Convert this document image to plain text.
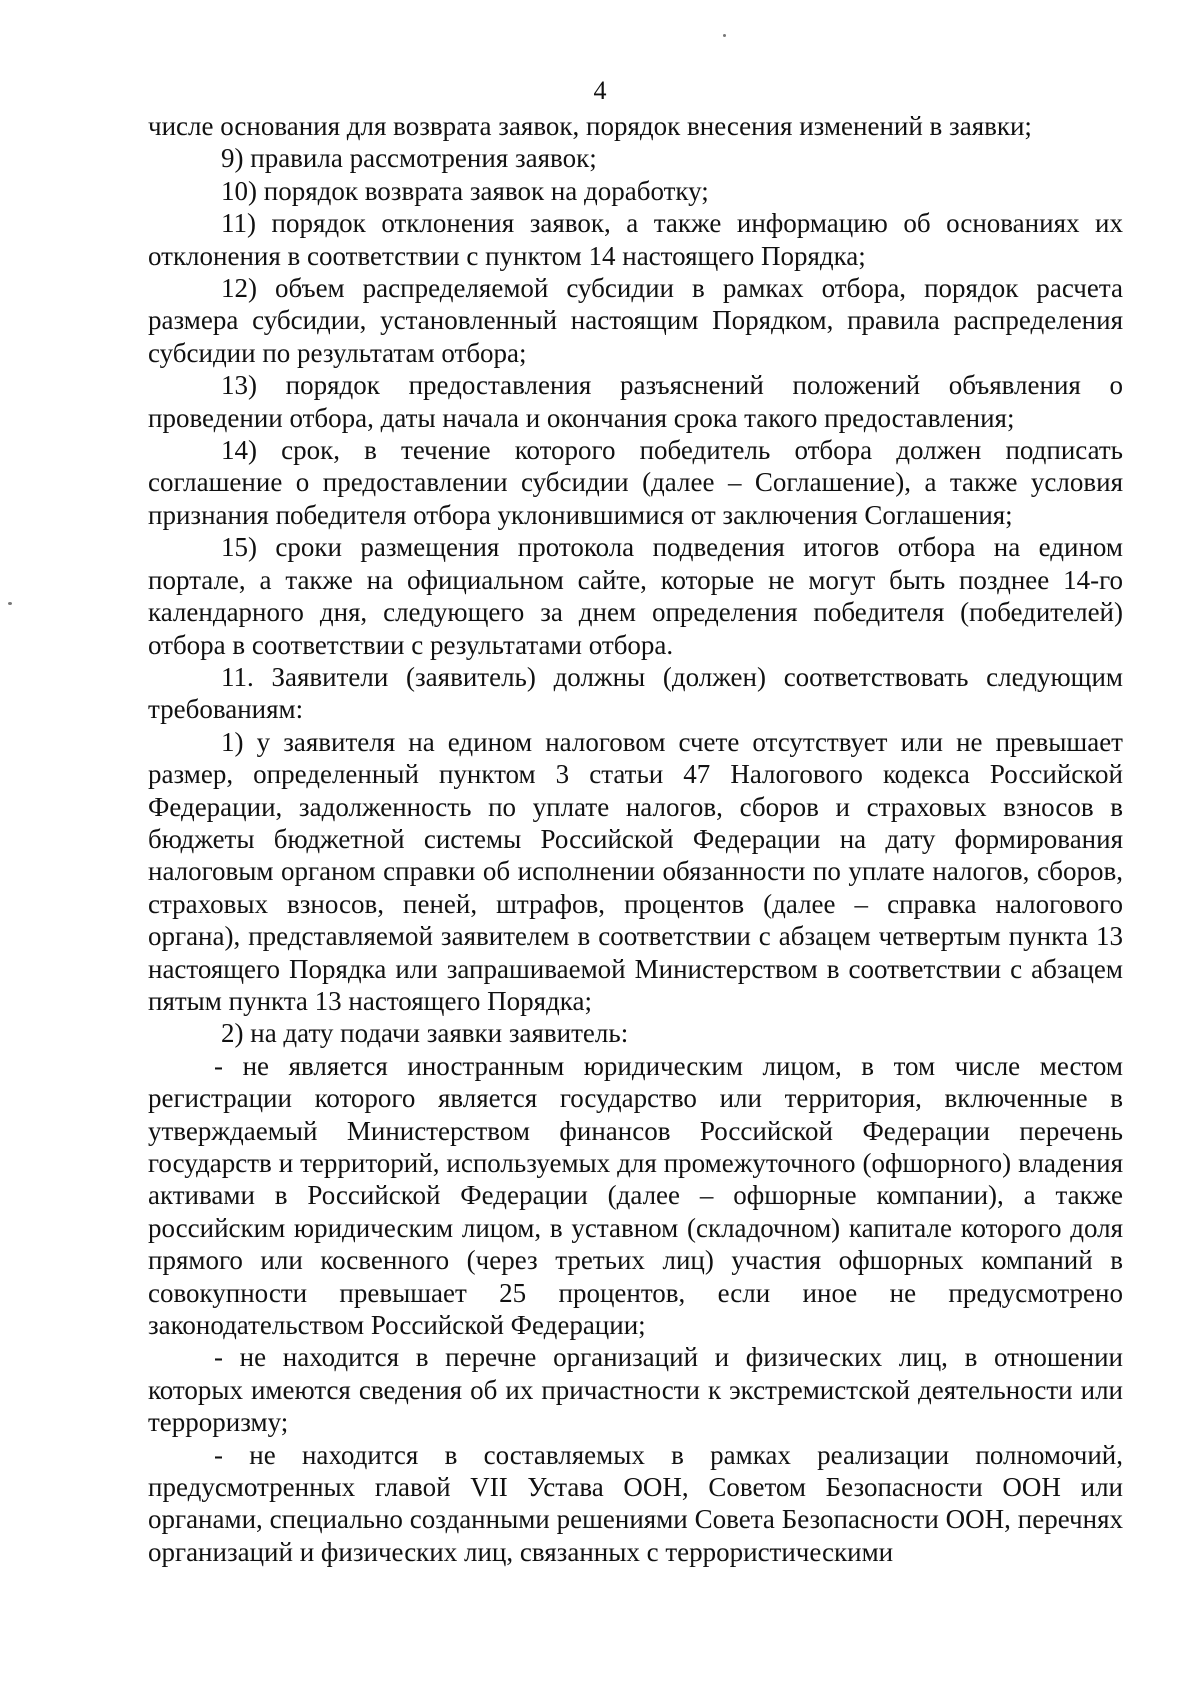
4

числе основания для возврата заявок, порядок внесения изменений в заявки;

9) правила рассмотрения заявок;

10) порядок возврата заявок на доработку;

11) порядок отклонения заявок, а также информацию об основаниях их отклонения в соответствии с пунктом 14 настоящего Порядка;

12) объем распределяемой субсидии в рамках отбора, порядок расчета размера субсидии, установленный настоящим Порядком, правила распределения субсидии по результатам отбора;

13) порядок предоставления разъяснений положений объявления о проведении отбора, даты начала и окончания срока такого предоставления;

14) срок, в течение которого победитель отбора должен подписать соглашение о предоставлении субсидии (далее – Соглашение), а также условия признания победителя отбора уклонившимися от заключения Соглашения;

15) сроки размещения протокола подведения итогов отбора на едином портале, а также на официальном сайте, которые не могут быть позднее 14-го календарного дня, следующего за днем определения победителя (победителей) отбора в соответствии с результатами отбора.

11. Заявители (заявитель) должны (должен) соответствовать следующим требованиям:

1) у заявителя на едином налоговом счете отсутствует или не превышает размер, определенный пунктом 3 статьи 47 Налогового кодекса Российской Федерации, задолженность по уплате налогов, сборов и страховых взносов в бюджеты бюджетной системы Российской Федерации на дату формирования налоговым органом справки об исполнении обязанности по уплате налогов, сборов, страховых взносов, пеней, штрафов, процентов (далее – справка налогового органа), представляемой заявителем в соответствии с абзацем четвертым пункта 13 настоящего Порядка или запрашиваемой Министерством в соответствии с абзацем пятым пункта 13 настоящего Порядка;

2) на дату подачи заявки заявитель:

- не является иностранным юридическим лицом, в том числе местом регистрации которого является государство или территория, включенные в утверждаемый Министерством финансов Российской Федерации перечень государств и территорий, используемых для промежуточного (офшорного) владения активами в Российской Федерации (далее – офшорные компании), а также российским юридическим лицом, в уставном (складочном) капитале которого доля прямого или косвенного (через третьих лиц) участия офшорных компаний в совокупности превышает 25 процентов, если иное не предусмотрено законодательством Российской Федерации;

- не находится в перечне организаций и физических лиц, в отношении которых имеются сведения об их причастности к экстремистской деятельности или терроризму;

- не находится в составляемых в рамках реализации полномочий, предусмотренных главой VII Устава ООН, Советом Безопасности ООН или органами, специально созданными решениями Совета Безопасности ООН, перечнях организаций и физических лиц, связанных с террористическими
